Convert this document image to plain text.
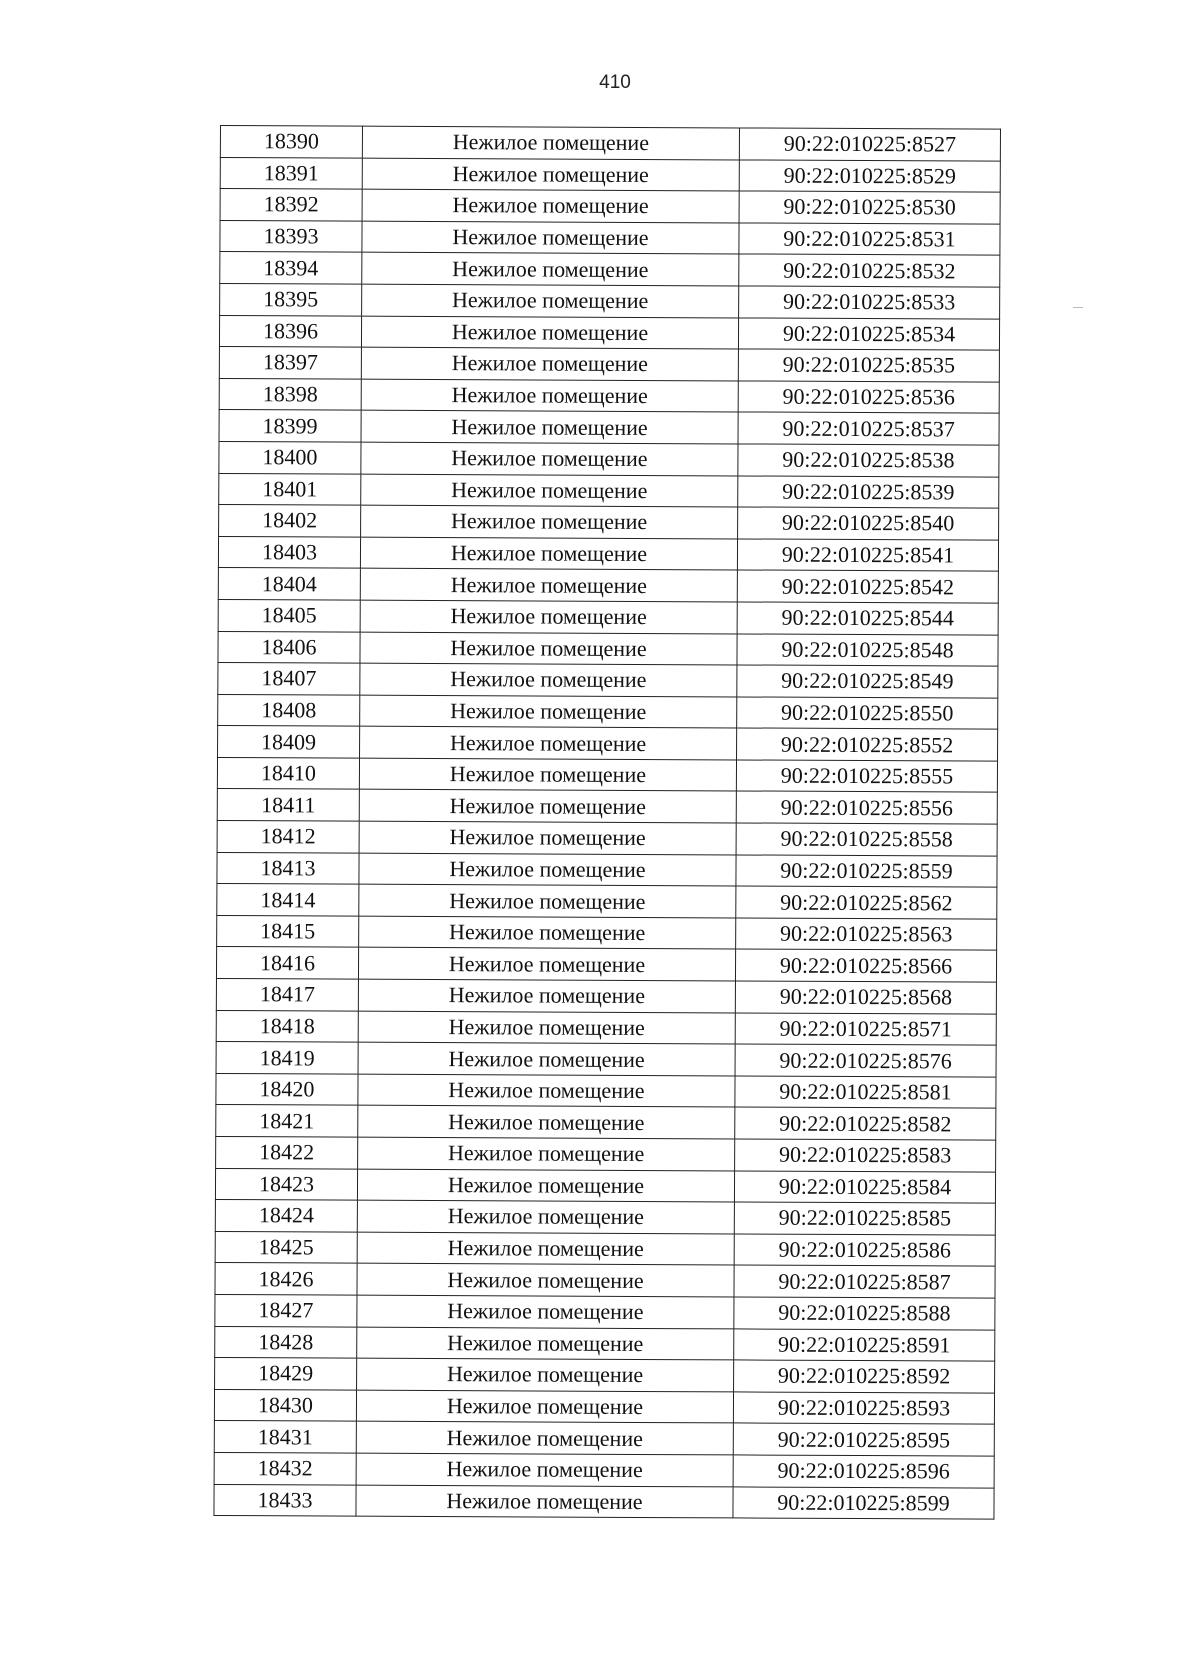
410
18390	Нежилое помещение	90:22:010225:8527
18391	Нежилое помещение	90:22:010225:8529
18392	Нежилое помещение	90:22:010225:8530
18393	Нежилое помещение	90:22:010225:8531
18394	Нежилое помещение	90:22:010225:8532
18395	Нежилое помещение	90:22:010225:8533
18396	Нежилое помещение	90:22:010225:8534
18397	Нежилое помещение	90:22:010225:8535
18398	Нежилое помещение	90:22:010225:8536
18399	Нежилое помещение	90:22:010225:8537
18400	Нежилое помещение	90:22:010225:8538
18401	Нежилое помещение	90:22:010225:8539
18402	Нежилое помещение	90:22:010225:8540
18403	Нежилое помещение	90:22:010225:8541
18404	Нежилое помещение	90:22:010225:8542
18405	Нежилое помещение	90:22:010225:8544
18406	Нежилое помещение	90:22:010225:8548
18407	Нежилое помещение	90:22:010225:8549
18408	Нежилое помещение	90:22:010225:8550
18409	Нежилое помещение	90:22:010225:8552
18410	Нежилое помещение	90:22:010225:8555
18411	Нежилое помещение	90:22:010225:8556
18412	Нежилое помещение	90:22:010225:8558
18413	Нежилое помещение	90:22:010225:8559
18414	Нежилое помещение	90:22:010225:8562
18415	Нежилое помещение	90:22:010225:8563
18416	Нежилое помещение	90:22:010225:8566
18417	Нежилое помещение	90:22:010225:8568
18418	Нежилое помещение	90:22:010225:8571
18419	Нежилое помещение	90:22:010225:8576
18420	Нежилое помещение	90:22:010225:8581
18421	Нежилое помещение	90:22:010225:8582
18422	Нежилое помещение	90:22:010225:8583
18423	Нежилое помещение	90:22:010225:8584
18424	Нежилое помещение	90:22:010225:8585
18425	Нежилое помещение	90:22:010225:8586
18426	Нежилое помещение	90:22:010225:8587
18427	Нежилое помещение	90:22:010225:8588
18428	Нежилое помещение	90:22:010225:8591
18429	Нежилое помещение	90:22:010225:8592
18430	Нежилое помещение	90:22:010225:8593
18431	Нежилое помещение	90:22:010225:8595
18432	Нежилое помещение	90:22:010225:8596
18433	Нежилое помещение	90:22:010225:8599
